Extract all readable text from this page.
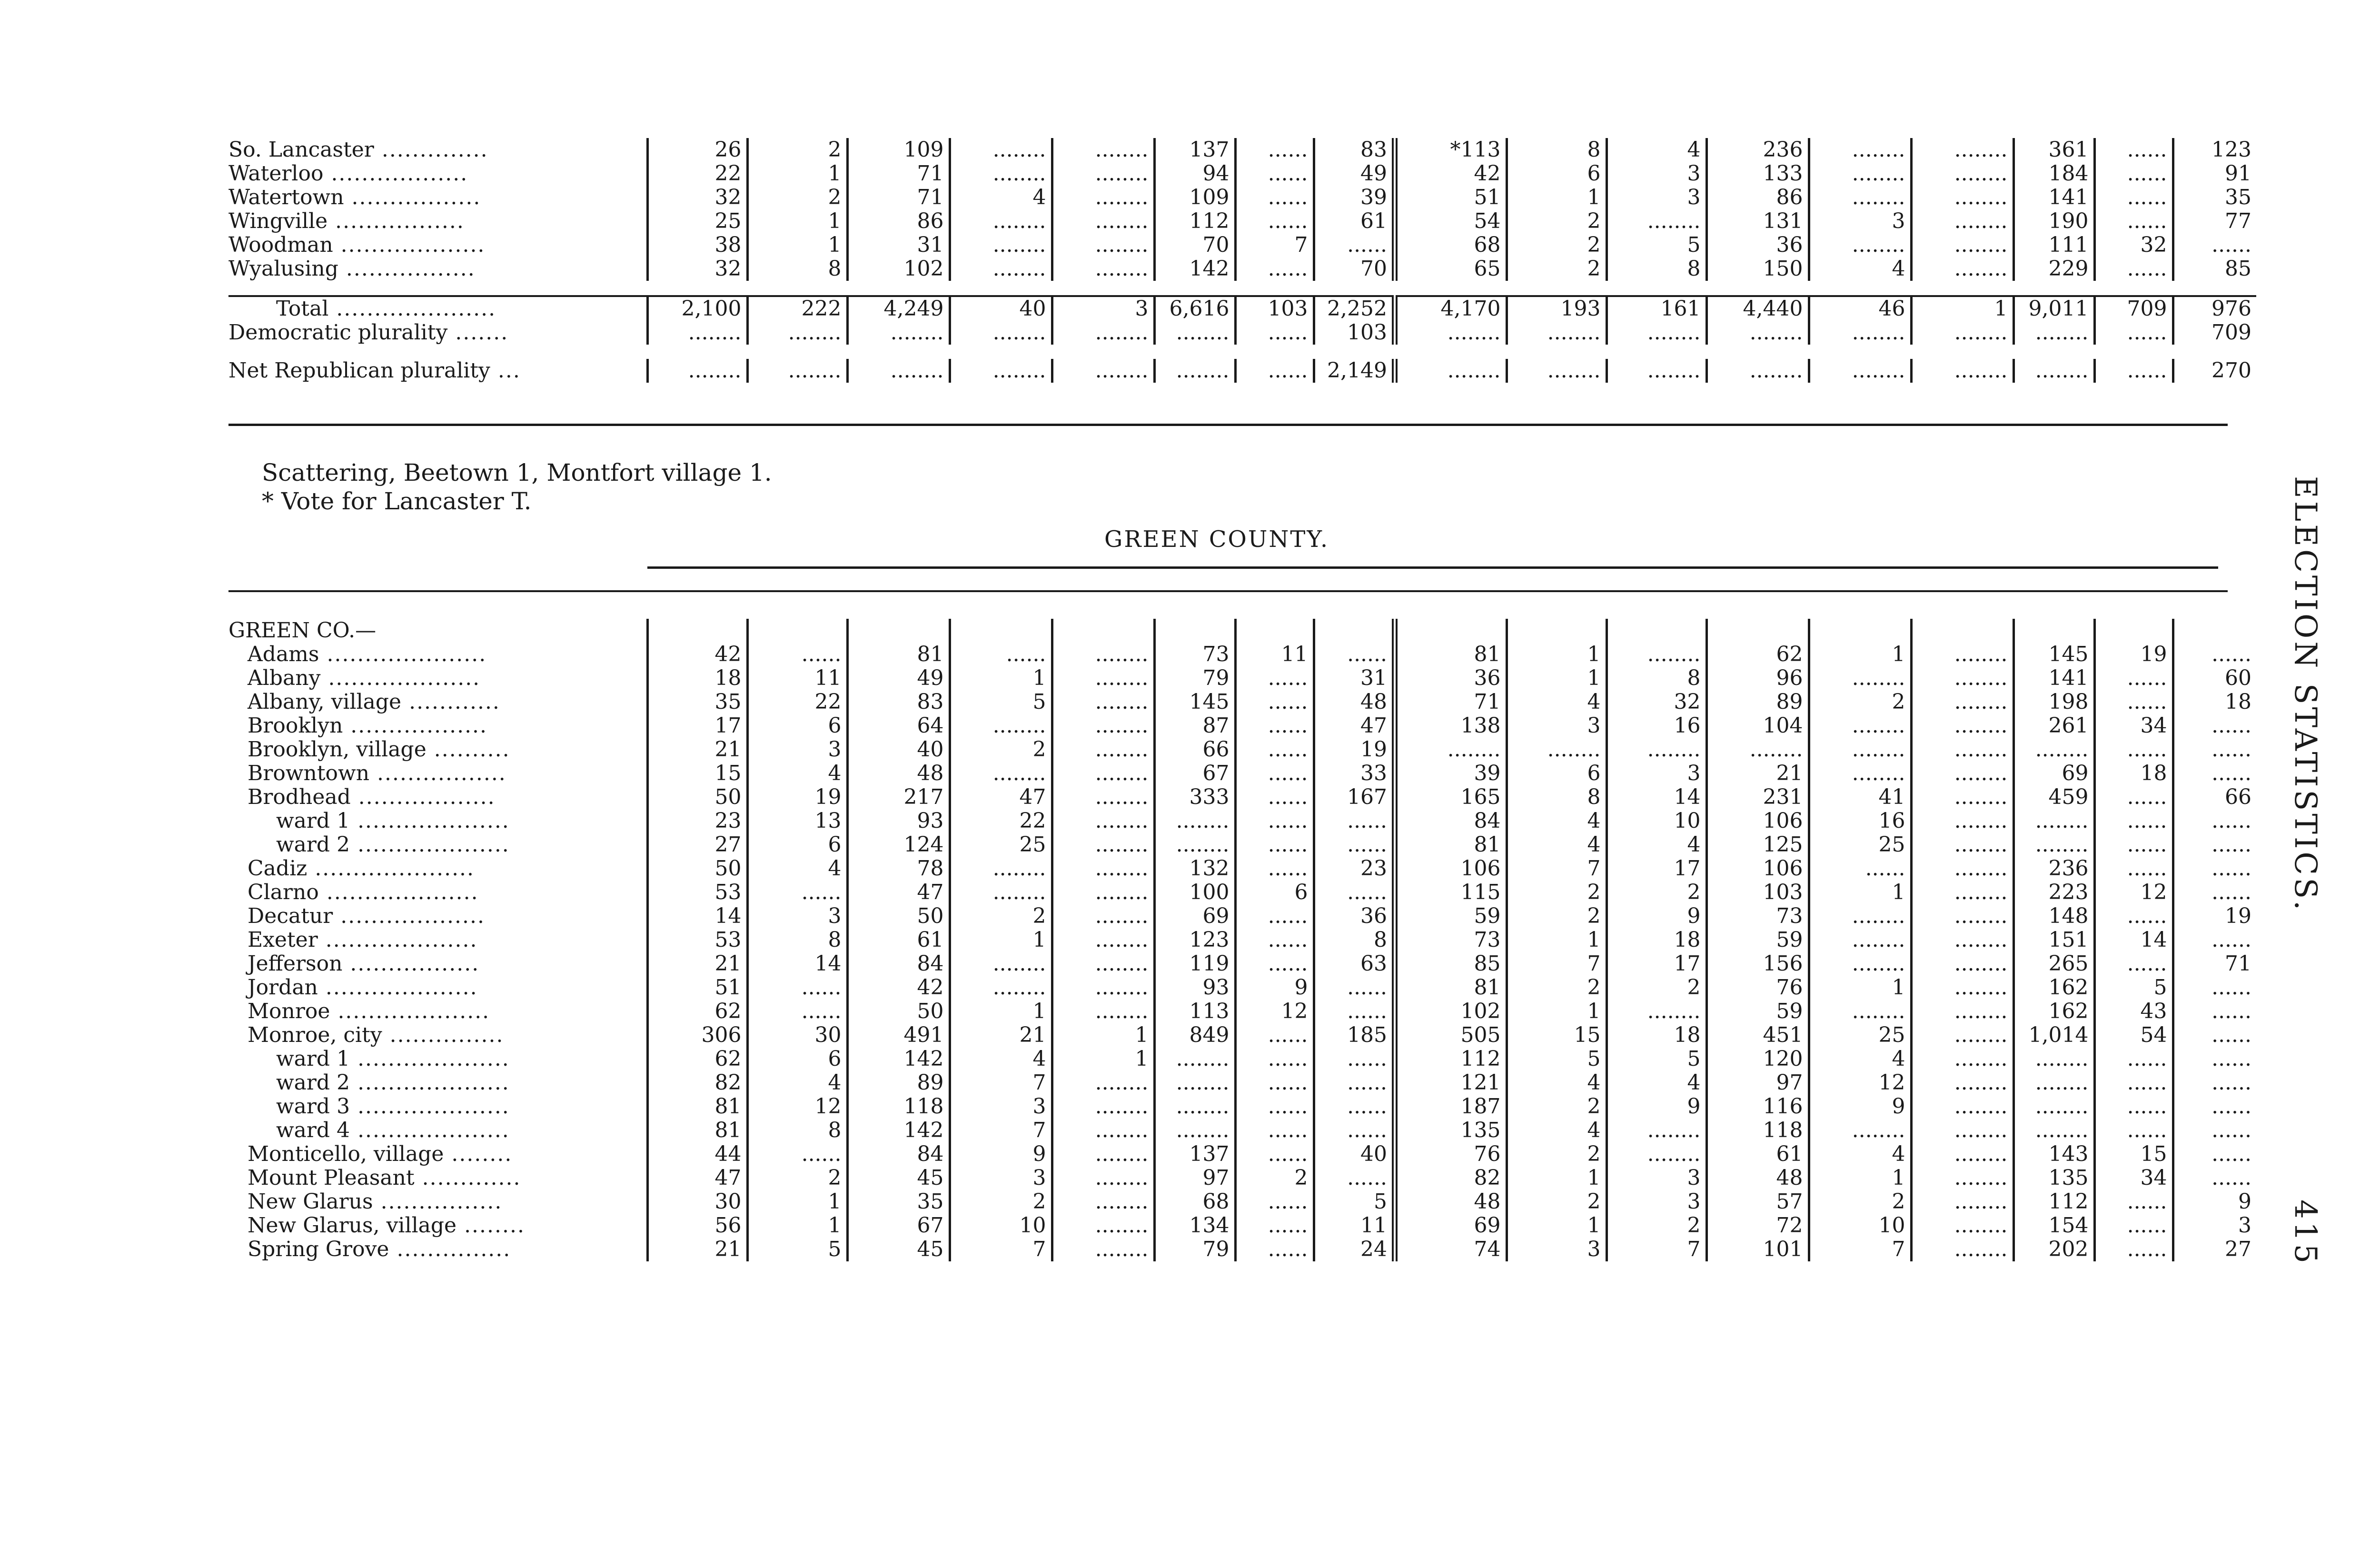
ELECTION STATISTICS.
415
So. Lancaster ..............	26	2	109	........	........	137	......	83	*113	8	4	236	........	........	361	......	123
Waterloo ..................	22	1	71	........	........	94	......	49	42	6	3	133	........	........	184	......	91
Watertown .................	32	2	71	4	........	109	......	39	51	1	3	86	........	........	141	......	35
Wingville .................	25	1	86	........	........	112	......	61	54	2	........	131	3	........	190	......	77
Woodman ...................	38	1	31	........	........	70	7	......	68	2	5	36	........	........	111	32	......
Wyalusing .................	32	8	102	........	........	142	......	70	65	2	8	150	4	........	229	......	85

Total .....................	2,100	222	4,249	40	3	6,616	103	2,252	4,170	193	161	4,440	46	1	9,011	709	976
Democratic plurality .......	........	........	........	........	........	........	......	103	........	........	........	........	........	........	........	......	709

Net Republican plurality ...	........	........	........	........	........	........	......	2,149	........	........	........	........	........	........	........	......	270
Scattering, Beetown 1, Montfort village 1.
* Vote for Lancaster T.
GREEN COUNTY.
GREEN CO.—																	
Adams .....................	42	......	81	......	........	73	11	......	81	1	........	62	1	........	145	19	......
Albany ....................	18	11	49	1	........	79	......	31	36	1	8	96	........	........	141	......	60
Albany, village ............	35	22	83	5	........	145	......	48	71	4	32	89	2	........	198	......	18
Brooklyn ..................	17	6	64	........	........	87	......	47	138	3	16	104	........	........	261	34	......
Brooklyn, village ..........	21	3	40	2	........	66	......	19	........	........	........	........	........	........	........	......	......
Browntown .................	15	4	48	........	........	67	......	33	39	6	3	21	........	........	69	18	......
Brodhead ..................	50	19	217	47	........	333	......	167	165	8	14	231	41	........	459	......	66
ward 1 ....................	23	13	93	22	........	........	......	......	84	4	10	106	16	........	........	......	......
ward 2 ....................	27	6	124	25	........	........	......	......	81	4	4	125	25	........	........	......	......
Cadiz .....................	50	4	78	........	........	132	......	23	106	7	17	106	......	........	236	......	......
Clarno ....................	53	......	47	........	........	100	6	......	115	2	2	103	1	........	223	12	......
Decatur ...................	14	3	50	2	........	69	......	36	59	2	9	73	........	........	148	......	19
Exeter ....................	53	8	61	1	........	123	......	8	73	1	18	59	........	........	151	14	......
Jefferson .................	21	14	84	........	........	119	......	63	85	7	17	156	........	........	265	......	71
Jordan ....................	51	......	42	........	........	93	9	......	81	2	2	76	1	........	162	5	......
Monroe ....................	62	......	50	1	........	113	12	......	102	1	........	59	........	........	162	43	......
Monroe, city ...............	306	30	491	21	1	849	......	185	505	15	18	451	25	........	1,014	54	......
ward 1 ....................	62	6	142	4	1	........	......	......	112	5	5	120	4	........	........	......	......
ward 2 ....................	82	4	89	7	........	........	......	......	121	4	4	97	12	........	........	......	......
ward 3 ....................	81	12	118	3	........	........	......	......	187	2	9	116	9	........	........	......	......
ward 4 ....................	81	8	142	7	........	........	......	......	135	4	........	118	........	........	........	......	......
Monticello, village ........	44	......	84	9	........	137	......	40	76	2	........	61	4	........	143	15	......
Mount Pleasant .............	47	2	45	3	........	97	2	......	82	1	3	48	1	........	135	34	......
New Glarus ................	30	1	35	2	........	68	......	5	48	2	3	57	2	........	112	......	9
New Glarus, village ........	56	1	67	10	........	134	......	11	69	1	2	72	10	........	154	......	3
Spring Grove ...............	21	5	45	7	........	79	......	24	74	3	7	101	7	........	202	......	27
